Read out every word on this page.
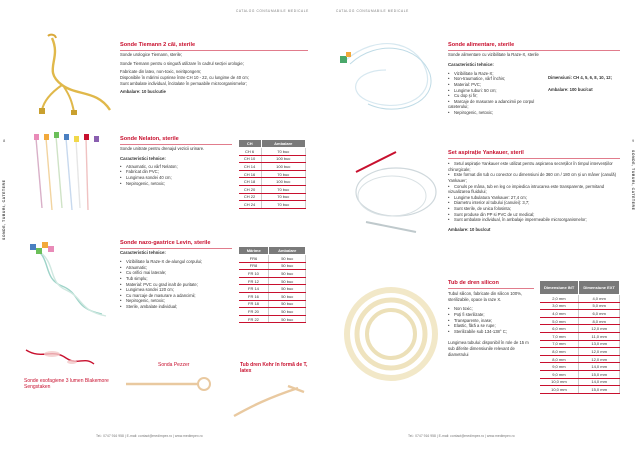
CATALOG CONSUMABILE MEDICALE	CATALOG CONSUMABILE MEDICALE
SONDE, TUBURI, CATETERE
8
SONDE, TUBURI, CATETERE
9
Tel.: 0747 916 958 | E-mail: contact@medimpex.ro | www.medimpex.ro	Tel.: 0747 916 958 | E-mail: contact@medimpex.ro | www.medimpex.ro
Sonde Tiemann 2 căi, sterile
Sonde urologice Tiemann, sterile;
Sonde Tiemann pentru o singură utilizare în cadrul secției urologie;
Fabricate din latex, non-toxic, neiritpongem;
Disponibile în mărimi cuprinse între CH 10 - 22, cu lungime de 40 cm;
Sunt ambalate individual, încitalate în pernaabile microorganismelor;
Ambalare: 10 buc/cutie
Sonde Nelaton, sterile
Sonde unitrate pentru drenajul vezicii urinare.
Caracteristici tehnice:
• Atraumatic, cu vârf Nelaton;
• Fabricat din PVC;
• Lungimea sondei 40 cm;
• Nepirogenic, netoxic;
CH	Ambalare
CH 6	70 buc
CH 10	100 buc
CH 14	100 buc
CH 16	70 buc
CH 18	100 buc
CH 20	70 buc
CH 22	70 buc
CH 24	70 buc
Sonde nazo-gastrice Levin, sterile
Caracteristici tehnice:
• Vizibilitate la Raze-X de-alungul corpului;
• Atraumatic;
• Cu orifici mai laterale;
• Tub simplu;
• Material: PVC cu grad inalt de puritate;
• Lungimea sondei 120 cm;
• Cu marcaje de masurare a adancimii;
• Nepirogenic, netoxic;
• Sterile, ambalate individual;
Mărime	Ambalare
FR6	50 buc
FR8	50 buc
FR 10	50 buc
FR 12	50 buc
FR 14	50 buc
FR 16	50 buc
FR 18	50 buc
FR 20	50 buc
FR 22	50 buc
Sonde esofagiene 3 lumen Blakemore Sengstaken
Sonda Pezzer	Tub dren Kehr în formă de T, latex
Sonde alimentare, sterile
Sonde alimentare cu vizibilitate la Raze-X, sterile
Caracteristici tehnice:
• Vizibilitate la Raze-X;
• Non-traumatice, vârf închis;
• Material: PVC;
• Lungime tuburi: 50 cm;
• Cu dop și fir;
• Marcaje de masurare a adancimii pe corpul cateterului;
• Nepirogenic, netoxic;
Dimensiuni: CH 4, 5, 6, 8, 10, 12;
Ambalare: 100 buc/cut
Set aspirație Yankauer, steril
• Setul aspirație Yankauer este utilizat pentru aspirarea secrețiilor în timpul intervențiilor chirurgicale;
• Este format din tub cu conector cu dimensiuni de 360 cm / 180 cm și un mâner (canulă) Yankauer;
• Conuls pe mâna, tub en leg ce impiedica intrucarea este transparente, permitand vizualizarea fluidului;
• Lungime tubulatura Yankauer: 27,4 cm;
• Diametru interior al tubului (canulei): 3,7;
• Sunt sterile, de unica folosinta;
• Sunt produse din PP si PVC de uz medical;
• Sunt ambalate individual, în ambalaje impermeabile microorganismelor;
Ambalare: 10 buc/cut
Tub de dren silicon
Tubul silicon, fabricate din silicon 100%, sterilizabile, opace la raze X.
• Non toxic;
• Poți fi sterilizate;
• Transparente, inase;
• Elastic, fără a se rupe;
• Sterilizabile sub 134-138° C;
Lungimea tubului: disponibil în role de 15 m sub diferite dimensiunile relevant de diametrului
Dimensiune INT	Dimensiune EXT
2,0 mm	4,0 mm
3,0 mm	5,0 mm
4,0 mm	6,0 mm
5,0 mm	8,0 mm
6,0 mm	12,0 mm
7,0 mm	11,0 mm
7,0 mm	13,0 mm
8,0 mm	12,0 mm
8,0 mm	12,0 mm
9,0 mm	14,0 mm
9,0 mm	15,0 mm
10,0 mm	14,0 mm
10,0 mm	15,0 mm
